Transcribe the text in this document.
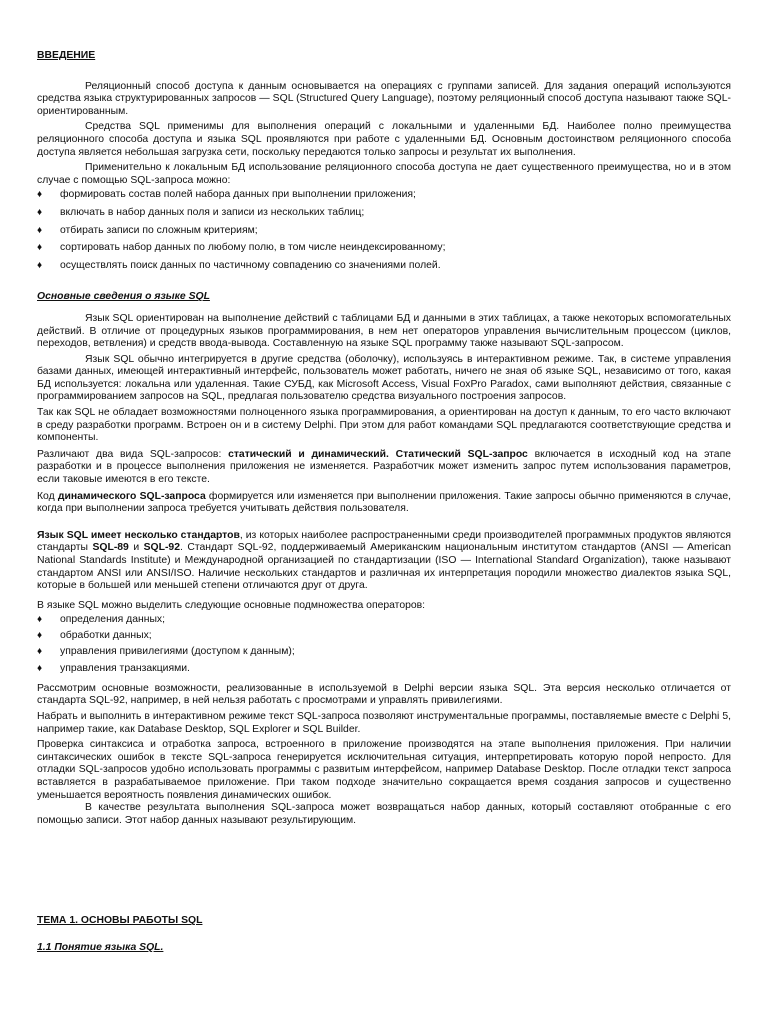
ВВЕДЕНИЕ

Реляционный способ доступа к данным основывается на операциях с группами записей. Для задания операций используются средства языка структурированных запросов — SQL (Structured Query Language), поэтому реляционный способ доступа называют также SQL-ориентированным.

Средства SQL применимы для выполнения операций с локальными и удаленными БД. Наиболее полно преимущества реляционного способа доступа и языка SQL проявляются при работе с удаленными БД. Основным достоинством реляционного способа доступа является небольшая загрузка сети, поскольку передаются только запросы и результат их выполнения.

Применительно к локальным БД использование реляционного способа доступа не дает существенного преимущества, но и в этом случае с помощью SQL-запроса можно:

♦ формировать состав полей набора данных при выполнении приложения;
♦ включать в набор данных поля и записи из нескольких таблиц;
♦ отбирать записи по сложным критериям;
♦ сортировать набор данных по любому полю, в том числе неиндексированному;
♦ осуществлять поиск данных по частичному совпадению со значениями полей.
Основные сведения о языке SQL

Язык SQL ориентирован на выполнение действий с таблицами БД и данными в этих таблицах, а также некоторых вспомогательных действий. В отличие от процедурных языков программирования, в нем нет операторов управления вычислительным процессом (циклов, переходов, ветвления) и средств ввода-вывода. Составленную на языке SQL программу также называют SQL-запросом.

Язык SQL обычно интегрируется в другие средства (оболочку), используясь в интерактивном режиме. Так, в системе управления базами данных, имеющей интерактивный интерфейс, пользователь может работать, ничего не зная об языке SQL, независимо от того, какая БД используется: локальна или удаленная. Такие СУБД, как Microsoft Access, Visual FoxPro Paradox, сами выполняют действия, связанные с программированием запросов на SQL, предлагая пользователю средства визуального построения запросов.

Так как SQL не обладает возможностями полноценного языка программирования, а ориентирован на доступ к данным, то его часто включают в среду разработки программ. Встроен он и в систему Delphi. При этом для работ командами SQL предлагаются соответствующие средства и компоненты.

Различают два вида SQL-запросов: статический и динамический. Статический SQL-запрос включается в исходный код на этапе разработки и в процессе выполнения приложения не изменяется. Разработчик может изменить запрос путем использования параметров, если таковые имеются в его тексте.

Код динамического SQL-запроса формируется или изменяется при выполнении приложения. Такие запросы обычно применяются в случае, когда при выполнении запроса требуется учитывать действия пользователя.

Язык SQL имеет несколько стандартов, из которых наиболее распространенными среди производителей программных продуктов являются стандарты SQL-89 и SQL-92. Стандарт SQL-92, поддерживаемый Американским национальным институтом стандартов (ANSI — American National Standards Institute) и Международной организацией по стандартизации (ISO — International Standard Organization), также называют стандартом ANSI или ANSI/ISO. Наличие нескольких стандартов и различная их интерпретация породили множество диалектов языка SQL, которые в большей или меньшей степени отличаются друг от друга.

В языке SQL можно выделить следующие основные подмножества операторов:

♦ определения данных;
♦ обработки данных;
♦ управления привилегиями (доступом к данным);
♦ управления транзакциями.

Рассмотрим основные возможности, реализованные в используемой в Delphi версии языка SQL. Эта версия несколько отличается от стандарта SQL-92, например, в ней нельзя работать с просмотрами и управлять привилегиями.

Набрать и выполнить в интерактивном режиме текст SQL-запроса позволяют инструментальные программы, поставляемые вместе с Delphi 5, например такие, как Database Desktop, SQL Explorer и SQL Builder.

Проверка синтаксиса и отработка запроса, встроенного в приложение производятся на этапе выполнения приложения. При наличии синтаксических ошибок в тексте SQL-запроса генерируется исключительная ситуация, интерпретировать которую порой непросто. Для отладки SQL-запросов удобно использовать программы с развитым интерфейсом, например Database Desktop. После отладки текст запроса вставляется в разрабатываемое приложение. При таком подходе значительно сокращается время создания запросов и существенно уменьшается вероятность появления динамических ошибок.

В качестве результата выполнения SQL-запроса может возвращаться набор данных, который составляют отобранные с его помощью записи. Этот набор данных называют результирующим.

ТЕМА 1. ОСНОВЫ РАБОТЫ SQL
1.1 Понятие языка SQL.
